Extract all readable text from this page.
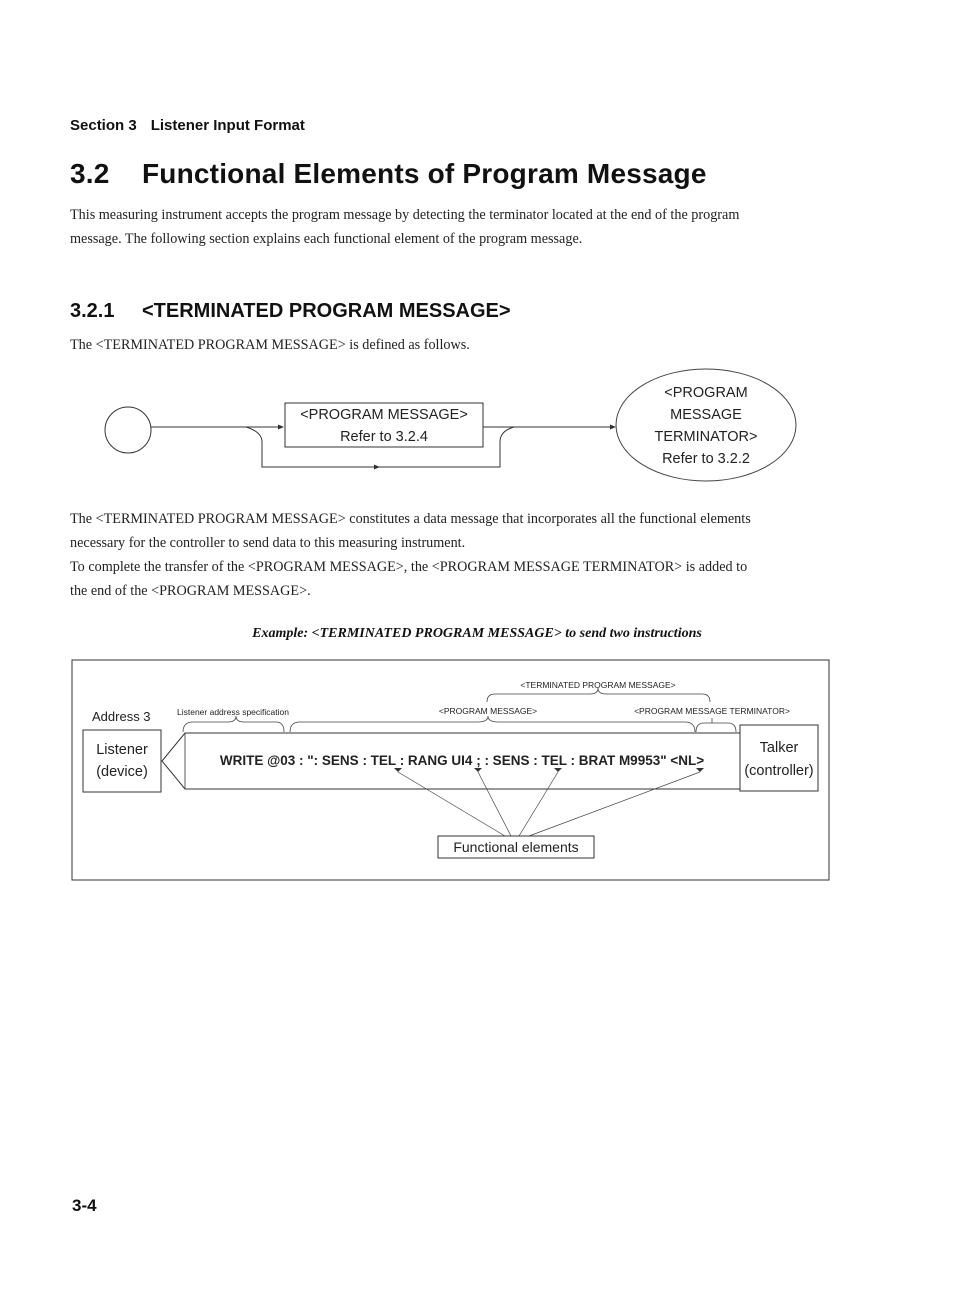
Section 3 Listener Input Format
3.2 Functional Elements of Program Message
This measuring instrument accepts the program message by detecting the terminator located at the end of the program
message. The following section explains each functional element of the program message.
3.2.1 <TERMINATED PROGRAM MESSAGE>
The <TERMINATED PROGRAM MESSAGE> is defined as follows.
<PROGRAM MESSAGE>
Refer to 3.2.4
<PROGRAM
MESSAGE
TERMINATOR>
Refer to 3.2.2
<TERMINATED PROGRAM MESSAGE>
<PROGRAM MESSAGE>	<PROGRAM MESSAGE TERMINATOR>
Address 3	Listener address specification
Listener
(device)
WRITE @03 : ": SENS : TEL : RANG UI4 ; : SENS : TEL : BRAT M9953" <NL>
Talker
(controller)
Functional elements
The <TERMINATED PROGRAM MESSAGE> constitutes a data message that incorporates all the functional elements
necessary for the controller to send data to this measuring instrument.
To complete the transfer of the <PROGRAM MESSAGE>, the <PROGRAM MESSAGE TERMINATOR> is added to
the end of the <PROGRAM MESSAGE>.
Example: <TERMINATED PROGRAM MESSAGE> to send two instructions
3-4
